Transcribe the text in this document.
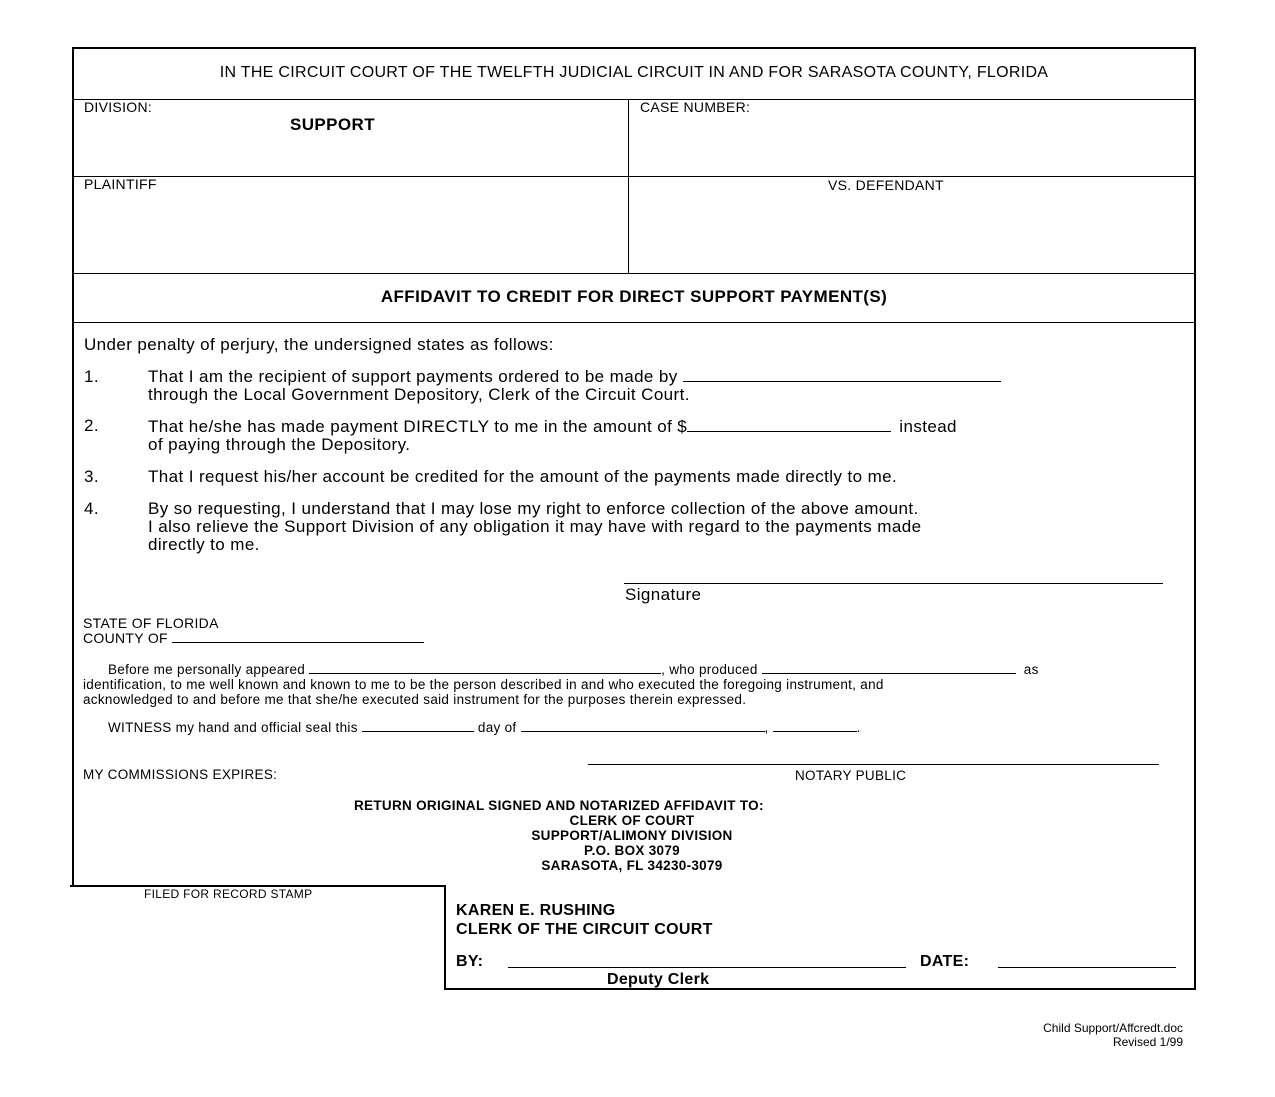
IN THE CIRCUIT COURT OF THE TWELFTH JUDICIAL CIRCUIT IN AND FOR SARASOTA COUNTY, FLORIDA
DIVISION:
SUPPORT
CASE NUMBER:
PLAINTIFF	VS. DEFENDANT
AFFIDAVIT TO CREDIT FOR DIRECT SUPPORT PAYMENT(S)
Under penalty of perjury, the undersigned states as follows:
1.	That I am the recipient of support payments ordered to be made by
through the Local Government Depository, Clerk of the Circuit Court.
2.	That he/she has made payment DIRECTLY to me in the amount of $	instead
of paying through the Depository.
3.	That I request his/her account be credited for the amount of the payments made directly to me.
4.	By so requesting, I understand that I may lose my right to enforce collection of the above amount.
I also relieve the Support Division of any obligation it may have with regard to the payments made
directly to me.
Signature
STATE OF FLORIDA
COUNTY OF
Before me personally appeared	, who produced	as
identification, to me well known and known to me to be the person described in and who executed the foregoing instrument, and
acknowledged to and before me that she/he executed said instrument for the purposes therein expressed.
WITNESS my hand and official seal this	day of	,	.
MY COMMISSIONS EXPIRES:	NOTARY PUBLIC
RETURN ORIGINAL SIGNED AND NOTARIZED AFFIDAVIT TO:
CLERK OF COURT
SUPPORT/ALIMONY DIVISION
P.O. BOX 3079
SARASOTA, FL 34230-3079
FILED FOR RECORD STAMP
KAREN E. RUSHING
CLERK OF THE CIRCUIT COURT
BY:	DATE:
Deputy Clerk
Child Support/Affcredt.doc
Revised 1/99
